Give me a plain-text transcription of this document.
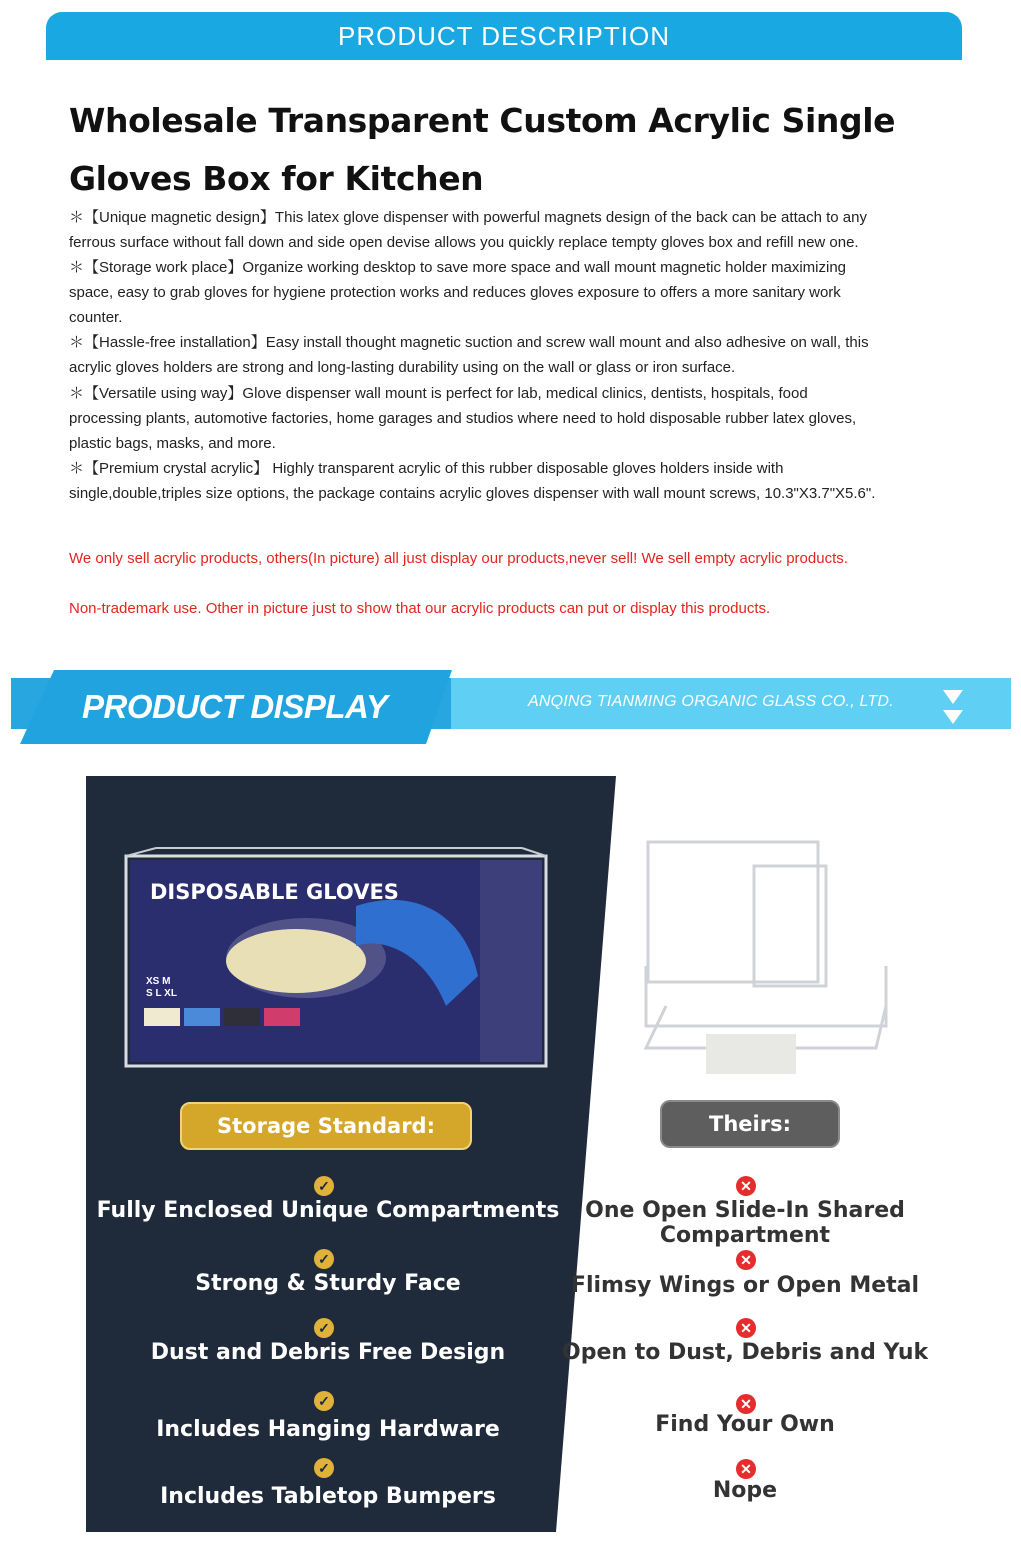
PRODUCT DESCRIPTION
Wholesale Transparent Custom Acrylic Single
Gloves Box for Kitchen
＊【Unique magnetic design】This latex glove dispenser with powerful magnets design of the back can be attach to any
ferrous surface without fall down and side open devise allows you quickly replace tempty gloves box and refill new one.
＊【Storage work place】Organize working desktop to save more space and wall mount magnetic holder maximizing
space, easy to grab gloves for hygiene protection works and reduces gloves exposure to offers a more sanitary work
counter.
＊【Hassle-free installation】Easy install thought magnetic suction and screw wall mount and also adhesive on wall, this
acrylic gloves holders are strong and long-lasting durability using on the wall or glass or iron surface.
＊【Versatile using way】Glove dispenser wall mount is perfect for lab, medical clinics, dentists, hospitals, food
processing plants, automotive factories, home garages and studios where need to hold disposable rubber latex gloves,
plastic bags, masks, and more.
＊【Premium crystal acrylic】 Highly transparent acrylic of this rubber disposable gloves holders inside with
single,double,triples size options, the package contains acrylic gloves dispenser with wall mount screws, 10.3"X3.7"X5.6".
We only sell acrylic products, others(In picture) all just display our products,never sell! We sell empty acrylic products.
Non-trademark use. Other in picture just to show that our acrylic products can put or display this products.
PRODUCT DISPLAY	ANQING TIANMING ORGANIC GLASS CO., LTD.
DISPOSABLE GLOVES
XS M
S L XL
Storage Standard:	Theirs:
✓
Fully Enclosed Unique Compartments
✓
Strong & Sturdy Face
✓
Dust and Debris Free Design
✓
Includes Hanging Hardware
✓
Includes Tabletop Bumpers
✕
One Open Slide-In Shared
Compartment
✕
Flimsy Wings or Open Metal
✕
Open to Dust, Debris and Yuk
✕
Find Your Own
✕
Nope
